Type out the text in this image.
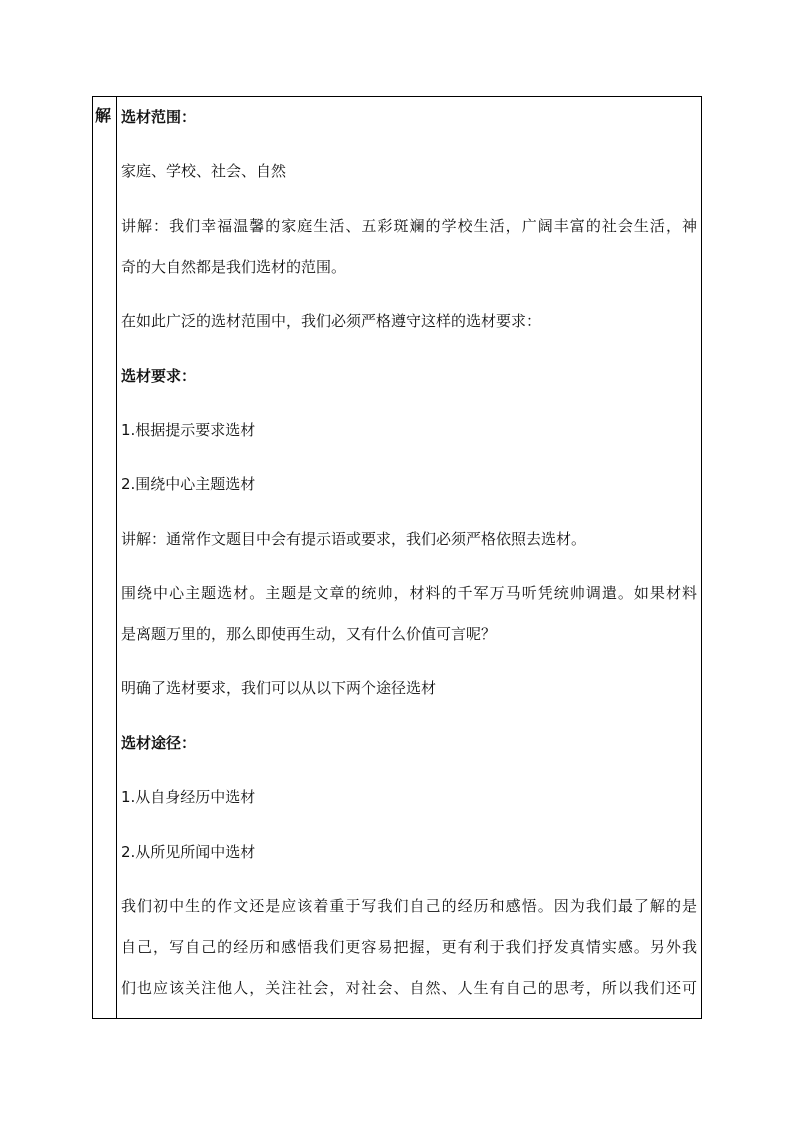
解 选材范围：
家庭、学校、社会、自然
讲解：我们幸福温馨的家庭生活、五彩斑斓的学校生活，广阔丰富的社会生活，神
奇的大自然都是我们选材的范围。
在如此广泛的选材范围中，我们必须严格遵守这样的选材要求：
选材要求：
1.根据提示要求选材
2.围绕中心主题选材
讲解：通常作文题目中会有提示语或要求，我们必须严格依照去选材。
围绕中心主题选材。主题是文章的统帅，材料的千军万马听凭统帅调遣。如果材料
是离题万里的，那么即使再生动，又有什么价值可言呢？
明确了选材要求，我们可以从以下两个途径选材
选材途径：
1.从自身经历中选材
2.从所见所闻中选材
我们初中生的作文还是应该着重于写我们自己的经历和感悟。因为我们最了解的是
自己，写自己的经历和感悟我们更容易把握，更有利于我们抒发真情实感。另外我
们也应该关注他人，关注社会，对社会、自然、人生有自己的思考，所以我们还可
